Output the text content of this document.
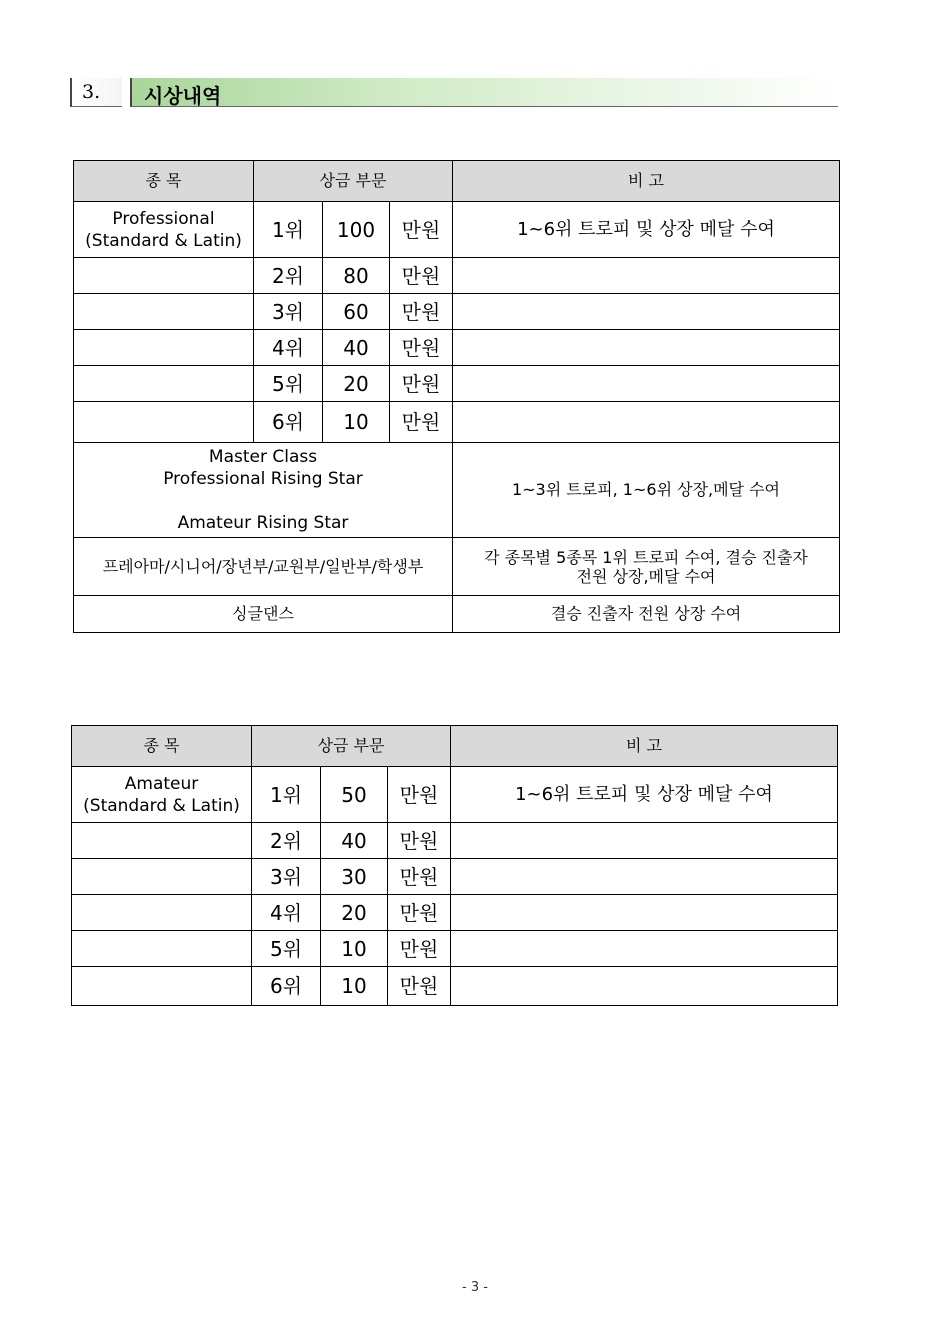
3. 시상내역
종 목	상금 부문			비 고
Professional
(Standard & Latin)	1위	100	만원	1~6위 트로피 및 상장 메달 수여
	2위	80	만원	
	3위	60	만원	
	4위	40	만원	
	5위	20	만원	
	6위	10	만원	
Master Class
Professional Rising Star

Amateur Rising Star				1~3위 트로피, 1~6위 상장,메달 수여
프레아마/시니어/장년부/교원부/일반부/학생부				각 종목별 5종목 1위 트로피 수여, 결승 진출자
전원 상장,메달 수여
싱글댄스				결승 진출자 전원 상장 수여
종 목	상금 부문			비 고
Amateur
(Standard & Latin)	1위	50	만원	1~6위 트로피 및 상장 메달 수여
	2위	40	만원	
	3위	30	만원	
	4위	20	만원	
	5위	10	만원	
	6위	10	만원	
- 3 -
